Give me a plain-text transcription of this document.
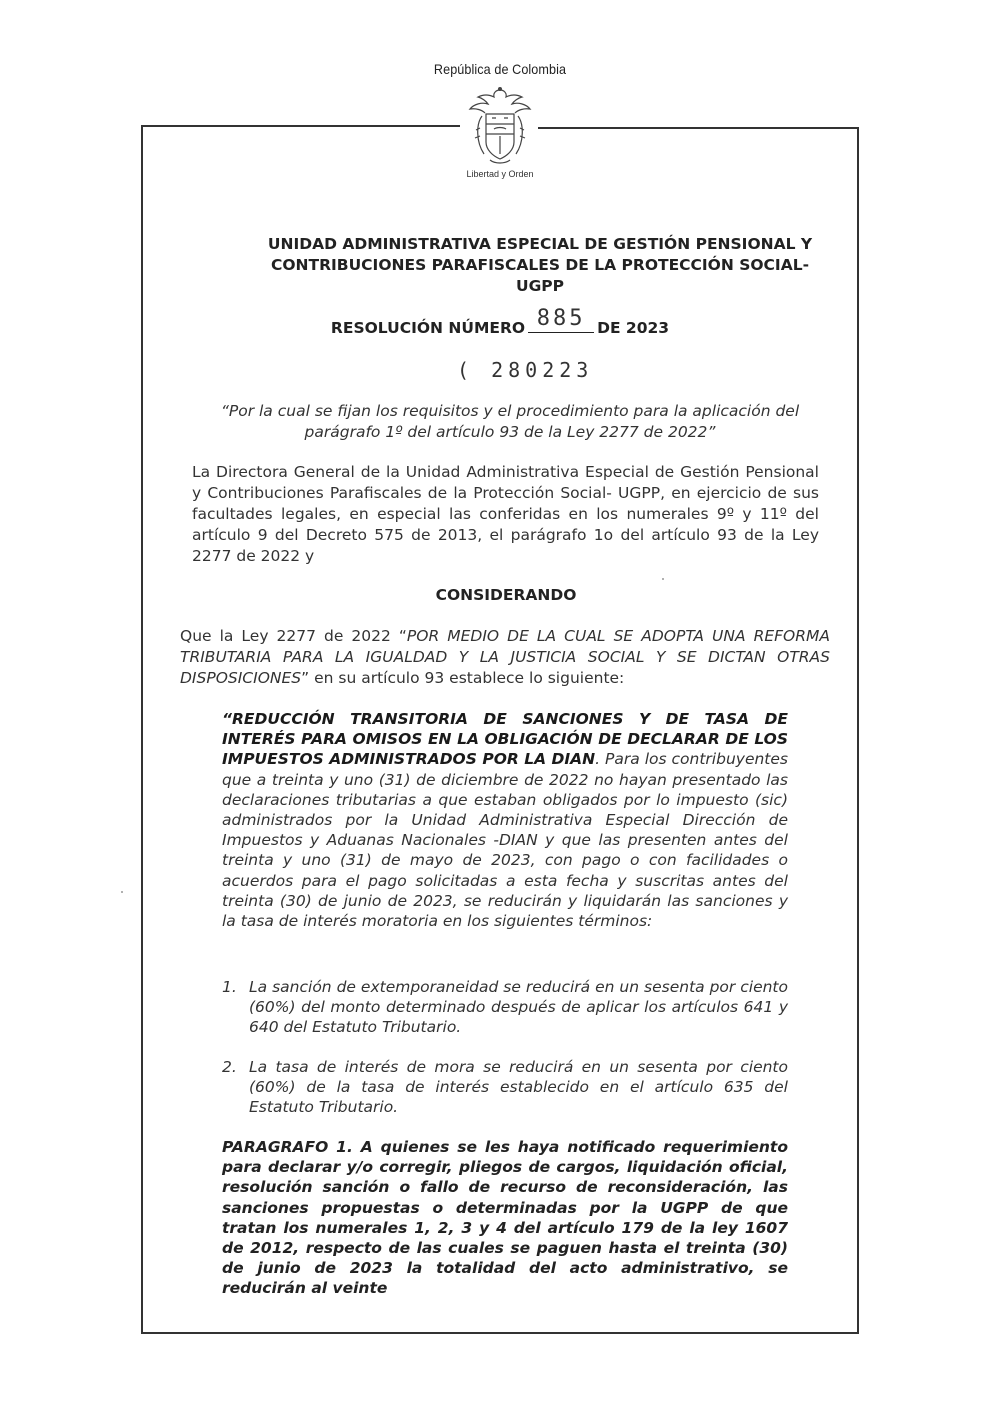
República de Colombia
Libertad y Orden
UNIDAD ADMINISTRATIVA ESPECIAL DE GESTIÓN PENSIONAL Y
CONTRIBUCIONES PARAFISCALES DE LA PROTECCIÓN SOCIAL-
UGPP
RESOLUCIÓN NÚMERO 885 DE 2023
( 280223
“Por la cual se fijan los requisitos y el procedimiento para la aplicación del
parágrafo 1º del artículo 93 de la Ley 2277 de 2022”
La Directora General de la Unidad Administrativa Especial de Gestión Pensional y Contribuciones Parafiscales de la Protección Social- UGPP, en ejercicio de sus facultades legales, en especial las conferidas en los numerales 9º y 11º del artículo 9 del Decreto 575 de 2013, el parágrafo 1o del artículo 93 de la Ley 2277 de 2022 y
CONSIDERANDO
Que la Ley 2277 de 2022 “POR MEDIO DE LA CUAL SE ADOPTA UNA REFORMA TRIBUTARIA PARA LA IGUALDAD Y LA JUSTICIA SOCIAL Y SE DICTAN OTRAS DISPOSICIONES” en su artículo 93 establece lo siguiente:
“REDUCCIÓN TRANSITORIA DE SANCIONES Y DE TASA DE INTERÉS PARA OMISOS EN LA OBLIGACIÓN DE DECLARAR DE LOS IMPUESTOS ADMINISTRADOS POR LA DIAN. Para los contribuyentes que a treinta y uno (31) de diciembre de 2022 no hayan presentado las declaraciones tributarias a que estaban obligados por lo impuesto (sic) administrados por la Unidad Administrativa Especial Dirección de Impuestos y Aduanas Nacionales -DIAN y que las presenten antes del treinta y uno (31) de mayo de 2023, con pago o con facilidades o acuerdos para el pago solicitadas a esta fecha y suscritas antes del treinta (30) de junio de 2023, se reducirán y liquidarán las sanciones y la tasa de interés moratoria en los siguientes términos:
1. La sanción de extemporaneidad se reducirá en un sesenta por ciento (60%) del monto determinado después de aplicar los artículos 641 y 640 del Estatuto Tributario.
2. La tasa de interés de mora se reducirá en un sesenta por ciento (60%) de la tasa de interés establecido en el artículo 635 del Estatuto Tributario.
PARAGRAFO 1. A quienes se les haya notificado requerimiento para declarar y/o corregir, pliegos de cargos, liquidación oficial, resolución sanción o fallo de recurso de reconsideración, las sanciones propuestas o determinadas por la UGPP de que tratan los numerales 1, 2, 3 y 4 del artículo 179 de la ley 1607 de 2012, respecto de las cuales se paguen hasta el treinta (30) de junio de 2023 la totalidad del acto administrativo, se reducirán al veinte
